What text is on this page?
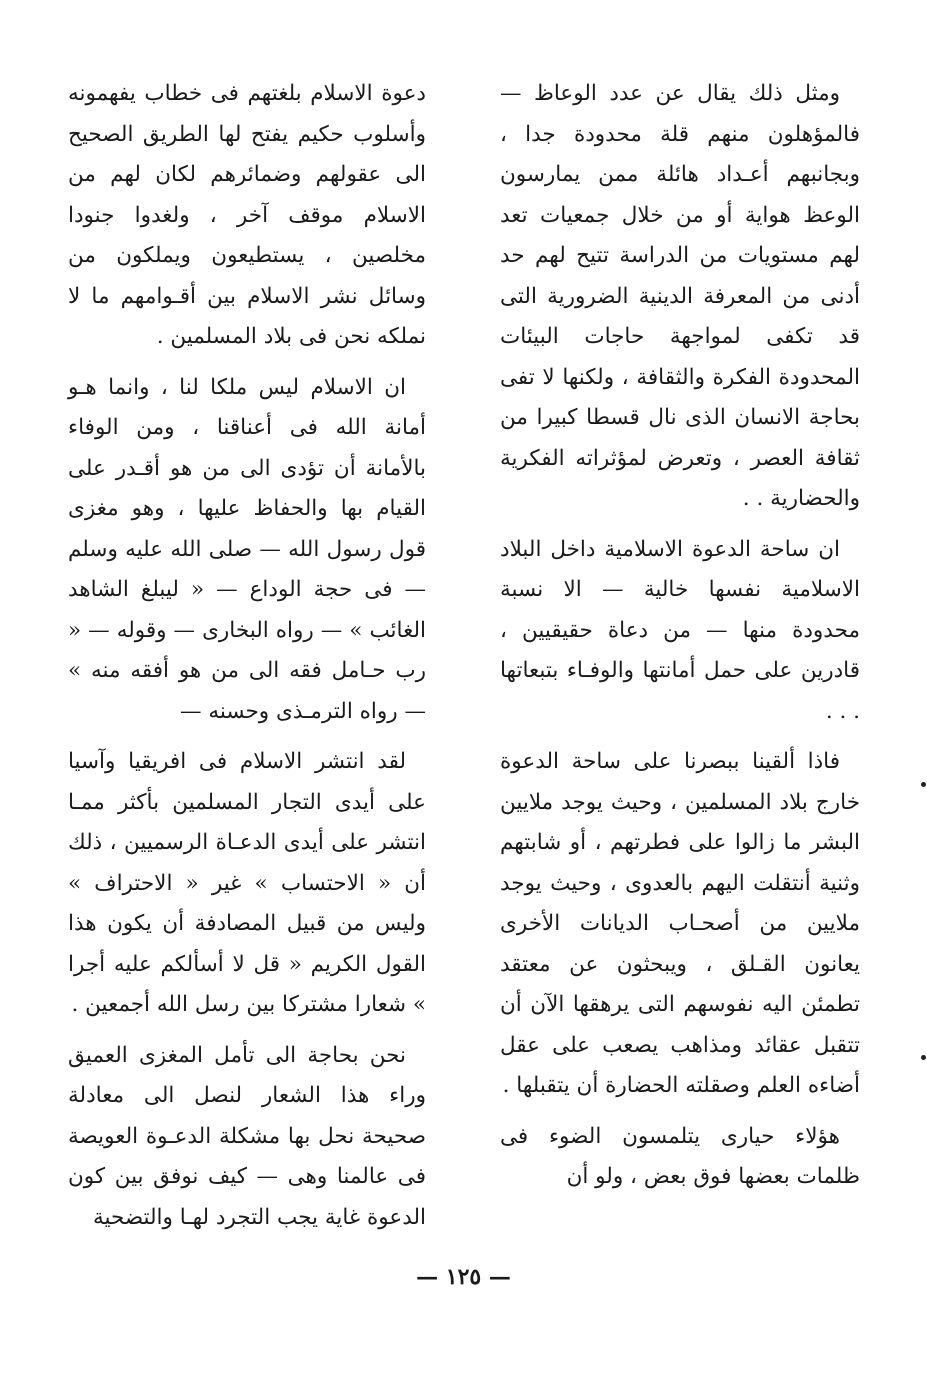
ومثل ذلك يقال عن عدد الوعاظ — فالمؤهلون منهم قلة محدودة جدا ، وبجانبهم أعـداد هائلة ممن يمارسون الوعظ هواية أو من خلال جمعيات تعد لهم مستويات من الدراسة تتيح لهم حد أدنى من المعرفة الدينية الضرورية التى قد تكفى لمواجهة حاجات البيئات المحدودة الفكرة والثقافة ، ولكنها لا تفى بحاجة الانسان الذى نال قسطا كبيرا من ثقافة العصر ، وتعرض لمؤثراته الفكرية والحضارية . .

ان ساحة الدعوة الاسلامية داخل البلاد الاسلامية نفسها خالية — الا نسبة محدودة منها — من دعاة حقيقيين ، قادرين على حمل أمانتها والوفـاء بتبعاتها . . .

فاذا ألقينا ببصرنا على ساحة الدعوة خارج بلاد المسلمين ، وحيث يوجد ملايين البشر ما زالوا على فطرتهم ، أو شابتهم وثنية أنتقلت اليهم بالعدوى ، وحيث يوجد ملايين من أصحـاب الديانات الأخرى يعانون القـلق ، ويبحثون عن معتقد تطمئن اليه نفوسهم التى يرهقها الآن أن تتقبل عقائد ومذاهب يصعب على عقل أضاءه العلم وصقلته الحضارة أن يتقبلها .

هؤلاء حيارى يتلمسون الضوء فى ظلمات بعضها فوق بعض ، ولو أن

دعوة الاسلام بلغتهم فى خطاب يفهمونه وأسلوب حكيم يفتح لها الطريق الصحيح الى عقولهم وضمائرهم لكان لهم من الاسلام موقف آخر ، ولغدوا جنودا مخلصين ، يستطيعون ويملكون من وسائل نشر الاسلام بين أقـوامهم ما لا نملكه نحن فى بلاد المسلمين .

ان الاسلام ليس ملكا لنا ، وانما هـو أمانة الله فى أعناقنا ، ومن الوفاء بالأمانة أن تؤدى الى من هو أقـدر على القيام بها والحفاظ عليها ، وهو مغزى قول رسول الله — صلى الله عليه وسلم — فى حجة الوداع — « ليبلغ الشاهد الغائب » — رواه البخارى — وقوله — « رب حـامل فقه الى من هو أفقه منه » — رواه الترمـذى وحسنه —

لقد انتشر الاسلام فى افريقيا وآسيا على أيدى التجار المسلمين بأكثر ممـا انتشر على أيدى الدعـاة الرسميين ، ذلك أن « الاحتساب » غير « الاحتراف » وليس من قبيل المصادفة أن يكون هذا القول الكريم « قل لا أسألكم عليه أجرا » شعارا مشتركا بين رسل الله أجمعين .

نحن بحاجة الى تأمل المغزى العميق وراء هذا الشعار لنصل الى معادلة صحيحة نحل بها مشكلة الدعـوة العويصة فى عالمنا وهى — كيف نوفق بين كون الدعوة غاية يجب التجرد لهـا والتضحية

— ١٢٥ —
